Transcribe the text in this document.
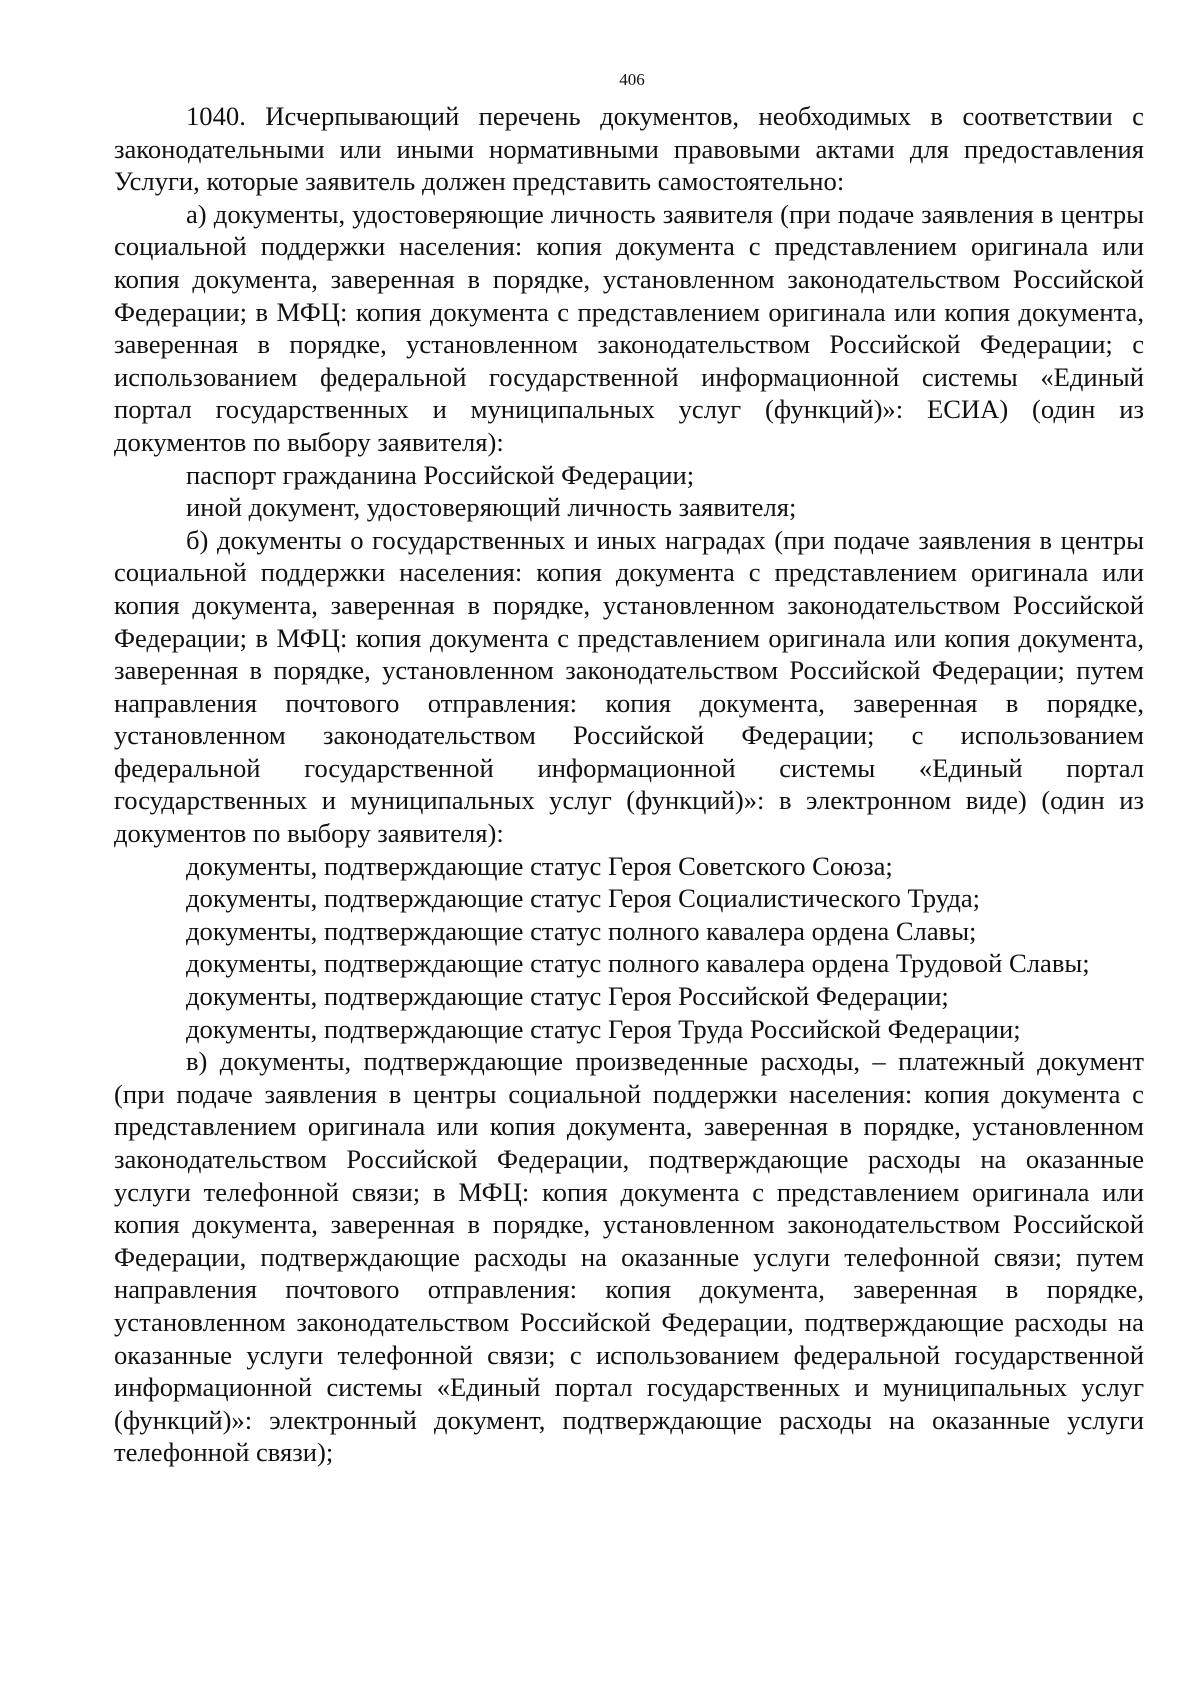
406

1040. Исчерпывающий перечень документов, необходимых в соответствии с законодательными или иными нормативными правовыми актами для предоставления Услуги, которые заявитель должен представить самостоятельно:

а) документы, удостоверяющие личность заявителя (при подаче заявления в центры социальной поддержки населения: копия документа с представлением оригинала или копия документа, заверенная в порядке, установленном законодательством Российской Федерации; в МФЦ: копия документа с представлением оригинала или копия документа, заверенная в порядке, установленном законодательством Российской Федерации; с использованием федеральной государственной информационной системы «Единый портал государственных и муниципальных услуг (функций)»: ЕСИА) (один из документов по выбору заявителя):

паспорт гражданина Российской Федерации;

иной документ, удостоверяющий личность заявителя;

б) документы о государственных и иных наградах (при подаче заявления в центры социальной поддержки населения: копия документа с представлением оригинала или копия документа, заверенная в порядке, установленном законодательством Российской Федерации; в МФЦ: копия документа с представлением оригинала или копия документа, заверенная в порядке, установленном законодательством Российской Федерации; путем направления почтового отправления: копия документа, заверенная в порядке, установленном законодательством Российской Федерации; с использованием федеральной государственной информационной системы «Единый портал государственных и муниципальных услуг (функций)»: в электронном виде) (один из документов по выбору заявителя):

документы, подтверждающие статус Героя Советского Союза;

документы, подтверждающие статус Героя Социалистического Труда;

документы, подтверждающие статус полного кавалера ордена Славы;

документы, подтверждающие статус полного кавалера ордена Трудовой Славы;

документы, подтверждающие статус Героя Российской Федерации;

документы, подтверждающие статус Героя Труда Российской Федерации;

в) документы, подтверждающие произведенные расходы, – платежный документ (при подаче заявления в центры социальной поддержки населения: копия документа с представлением оригинала или копия документа, заверенная в порядке, установленном законодательством Российской Федерации, подтверждающие расходы на оказанные услуги телефонной связи; в МФЦ: копия документа с представлением оригинала или копия документа, заверенная в порядке, установленном законодательством Российской Федерации, подтверждающие расходы на оказанные услуги телефонной связи; путем направления почтового отправления: копия документа, заверенная в порядке, установленном законодательством Российской Федерации, подтверждающие расходы на оказанные услуги телефонной связи; с использованием федеральной государственной информационной системы «Единый портал государственных и муниципальных услуг (функций)»: электронный документ, подтверждающие расходы на оказанные услуги телефонной связи);
